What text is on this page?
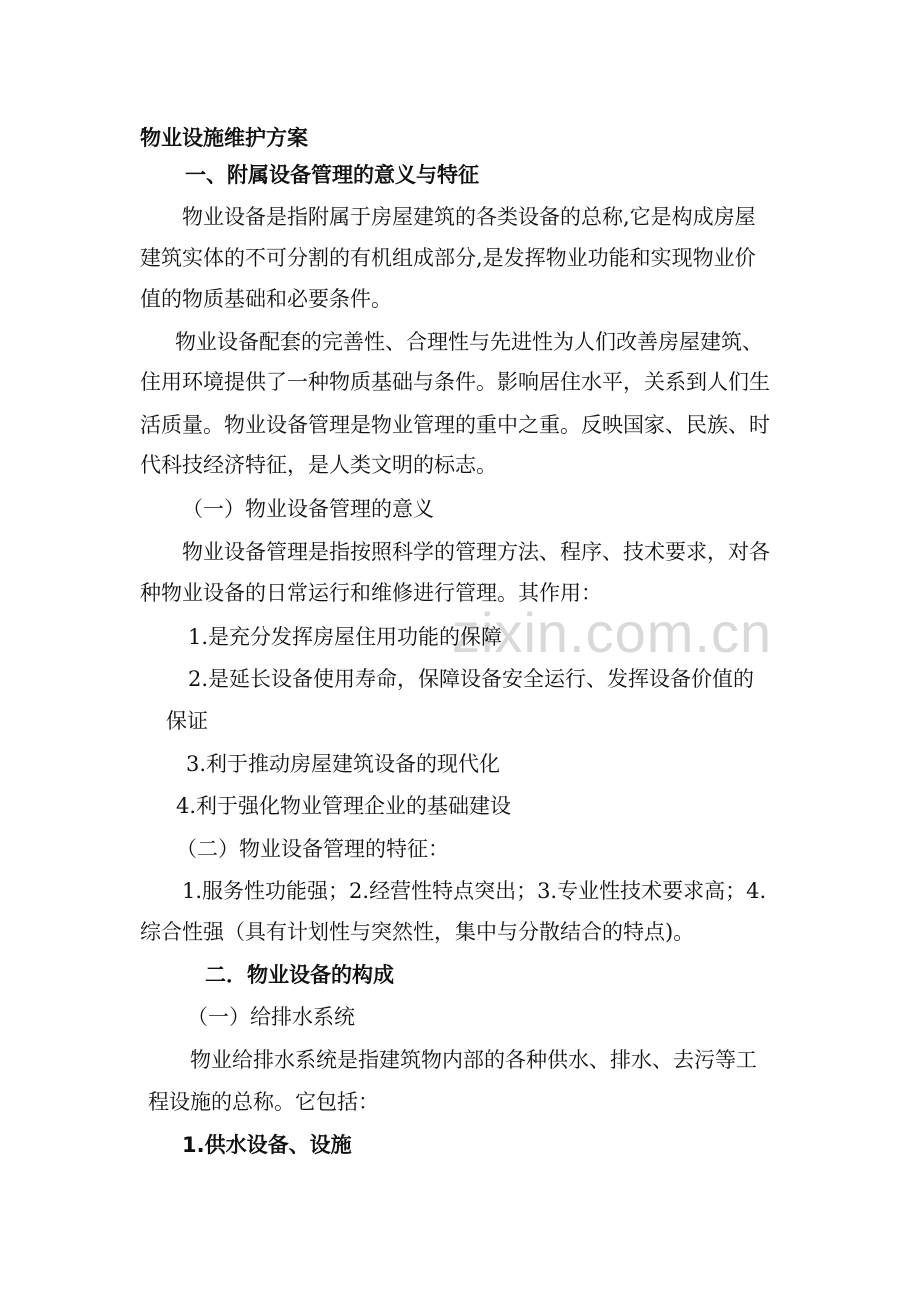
zixin.com.cn
物业设施维护方案
一、附属设备管理的意义与特征
物业设备是指附属于房屋建筑的各类设备的总称,它是构成房屋
建筑实体的不可分割的有机组成部分,是发挥物业功能和实现物业价
值的物质基础和必要条件。
物业设备配套的完善性、合理性与先进性为人们改善房屋建筑、
住用环境提供了一种物质基础与条件。影响居住水平，关系到人们生
活质量。物业设备管理是物业管理的重中之重。反映国家、民族、时
代科技经济特征，是人类文明的标志。
（一）物业设备管理的意义
物业设备管理是指按照科学的管理方法、程序、技术要求，对各
种物业设备的日常运行和维修进行管理。其作用：
1.是充分发挥房屋住用功能的保障
2.是延长设备使用寿命，保障设备安全运行、发挥设备价值的
保证
3.利于推动房屋建筑设备的现代化
4.利于强化物业管理企业的基础建设
（二）物业设备管理的特征：
1.服务性功能强；2.经营性特点突出；3.专业性技术要求高；4.
综合性强（具有计划性与突然性，集中与分散结合的特点)。
二．物业设备的构成
（一）给排水系统
物业给排水系统是指建筑物内部的各种供水、排水、去污等工
程设施的总称。它包括：
1.供水设备、设施
